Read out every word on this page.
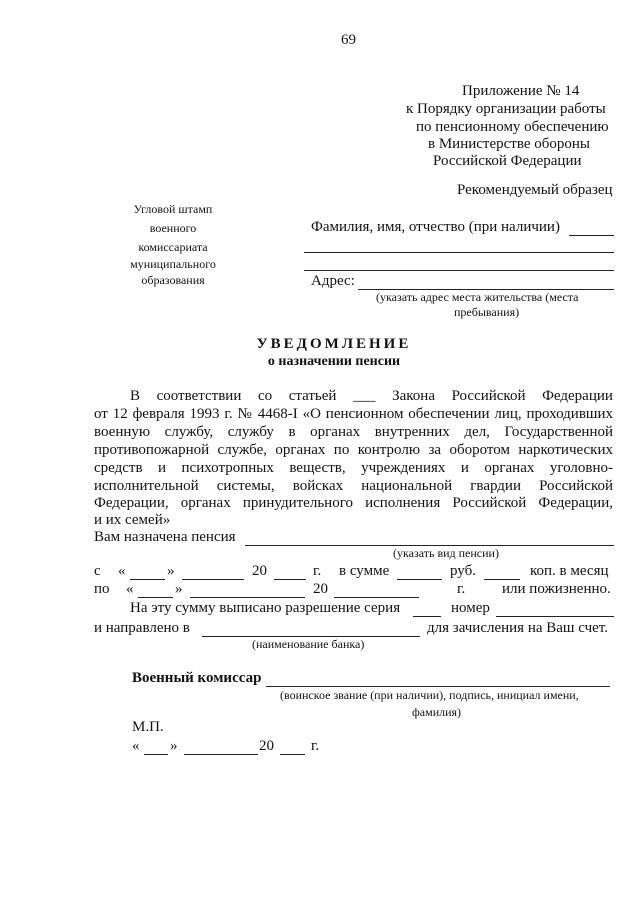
69
Приложение № 14
к Порядку организации работы
по пенсионному обеспечению
в Министерстве обороны
Российской Федерации
Рекомендуемый образец
Угловой штамп
военного
комиссариата
муниципального
образования
Фамилия, имя, отчество (при наличии)
Адрес:
(указать адрес места жительства (места
пребывания)
УВЕДОМЛЕНИЕ
о назначении пенсии
В соответствии со статьей ___ Закона Российской Федерации
от 12 февраля 1993 г. № 4468-I «О пенсионном обеспечении лиц, проходивших
военную службу, службу в органах внутренних дел, Государственной
противопожарной службе, органах по контролю за оборотом наркотических
средств и психотропных веществ, учреждениях и органах уголовно-
исполнительной системы, войсках национальной гвардии Российской
Федерации, органах принудительного исполнения Российской Федерации,
и их семей»
Вам назначена пенсия
(указать вид пенсии)
с «	»	20	г. в сумме	руб.	коп. в месяц
по «	»	20	г. или пожизненно.
На эту сумму выписано разрешение серия	номер
и направлено в	для зачисления на Ваш счет.
(наименование банка)
Военный комиссар
(воинское звание (при наличии), подпись, инициал имени,
фамилия)
М.П.
« »	20 г.
